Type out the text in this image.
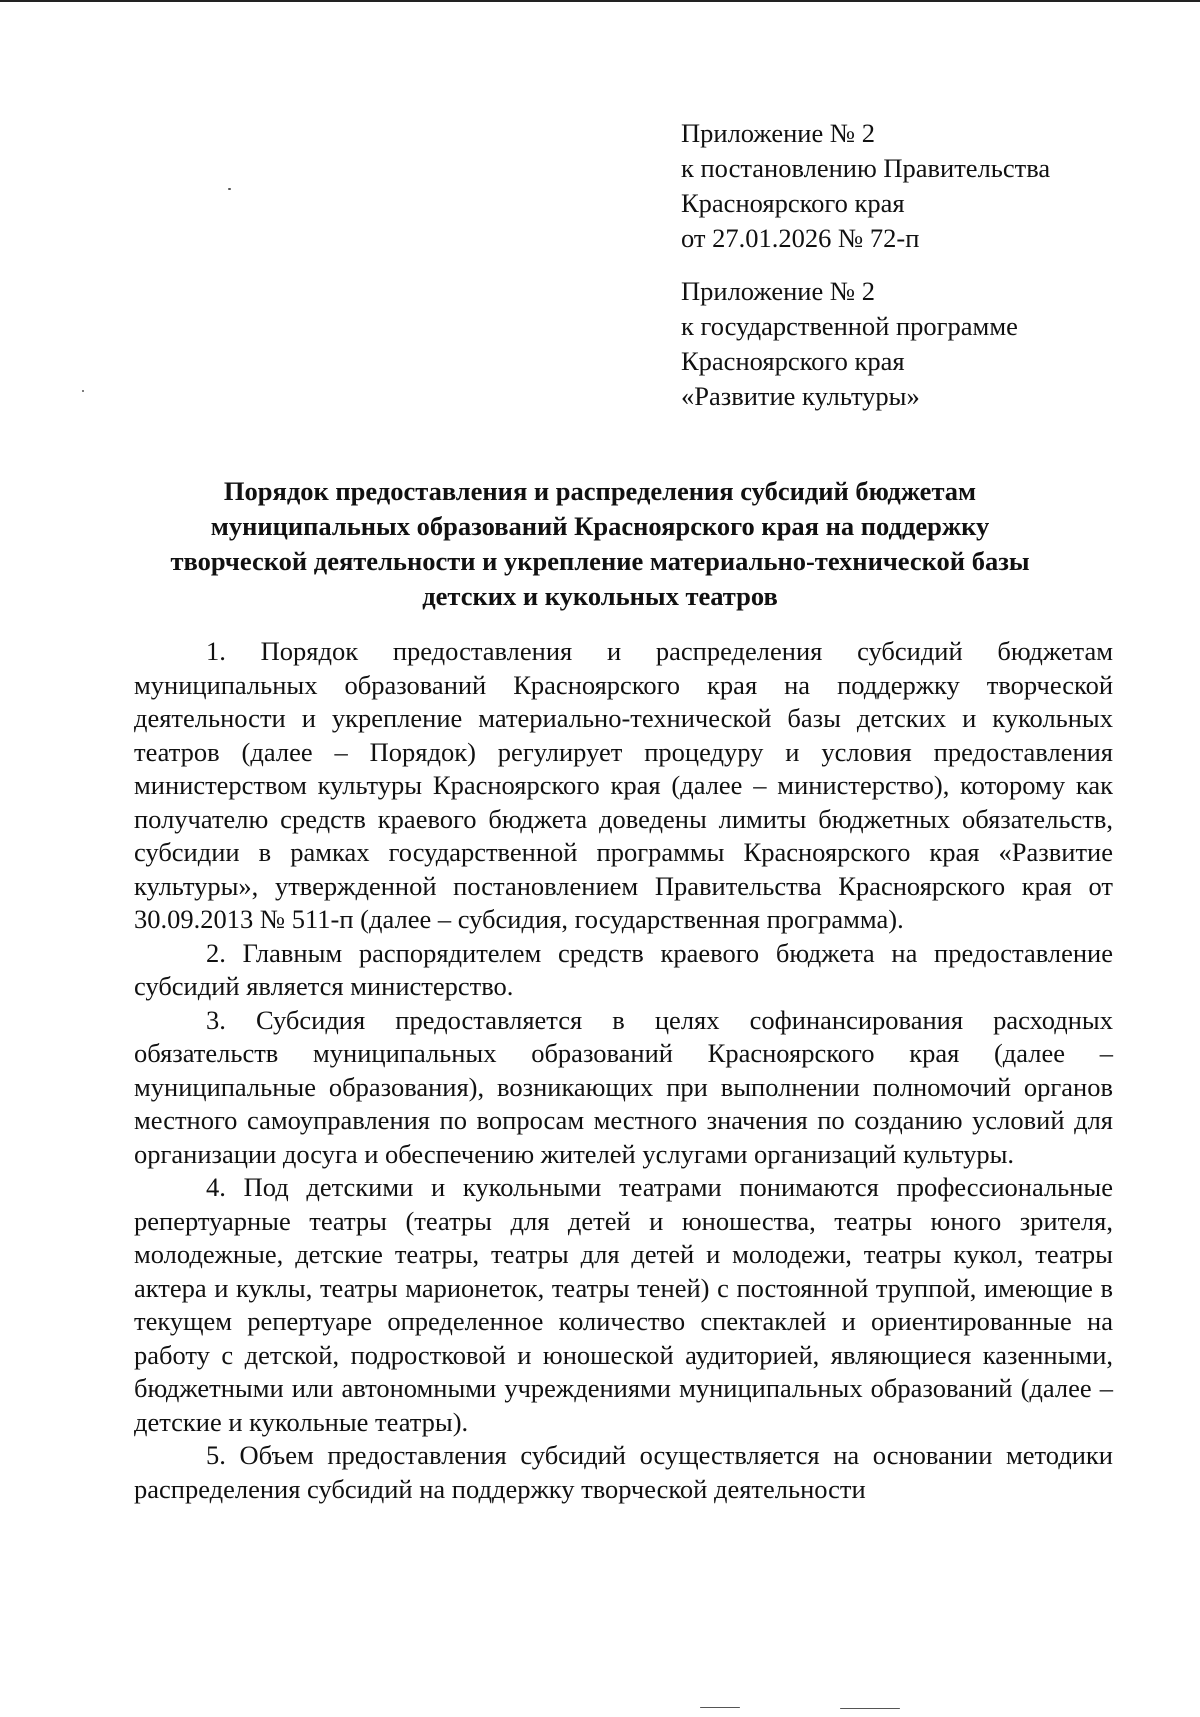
Приложение № 2
к постановлению Правительства
Красноярского края
от 27.01.2026 № 72-п
Приложение № 2
к государственной программе
Красноярского края
«Развитие культуры»
Порядок предоставления и распределения субсидий бюджетам
муниципальных образований Красноярского края на поддержку
творческой деятельности и укрепление материально-технической базы
детских и кукольных театров

1. Порядок предоставления и распределения субсидий бюджетам муниципальных образований Красноярского края на поддержку творческой деятельности и укрепление материально-технической базы детских и кукольных театров (далее – Порядок) регулирует процедуру и условия предоставления министерством культуры Красноярского края (далее – министерство), которому как получателю средств краевого бюджета доведены лимиты бюджетных обязательств, субсидии в рамках государственной программы Красноярского края «Развитие культуры», утвержденной постановлением Правительства Красноярского края от 30.09.2013 № 511-п (далее – субсидия, государственная программа).

2. Главным распорядителем средств краевого бюджета на предоставление субсидий является министерство.

3. Субсидия предоставляется в целях софинансирования расходных обязательств муниципальных образований Красноярского края (далее – муниципальные образования), возникающих при выполнении полномочий органов местного самоуправления по вопросам местного значения по созданию условий для организации досуга и обеспечению жителей услугами организаций культуры.

4. Под детскими и кукольными театрами понимаются профессиональные репертуарные театры (театры для детей и юношества, театры юного зрителя, молодежные, детские театры, театры для детей и молодежи, театры кукол, театры актера и куклы, театры марионеток, театры теней) с постоянной труппой, имеющие в текущем репертуаре определенное количество спектаклей и ориентированные на работу с детской, подростковой и юношеской аудиторией, являющиеся казенными, бюджетными или автономными учреждениями муниципальных образований (далее – детские и кукольные театры).

5. Объем предоставления субсидий осуществляется на основании методики распределения субсидий на поддержку творческой деятельности
